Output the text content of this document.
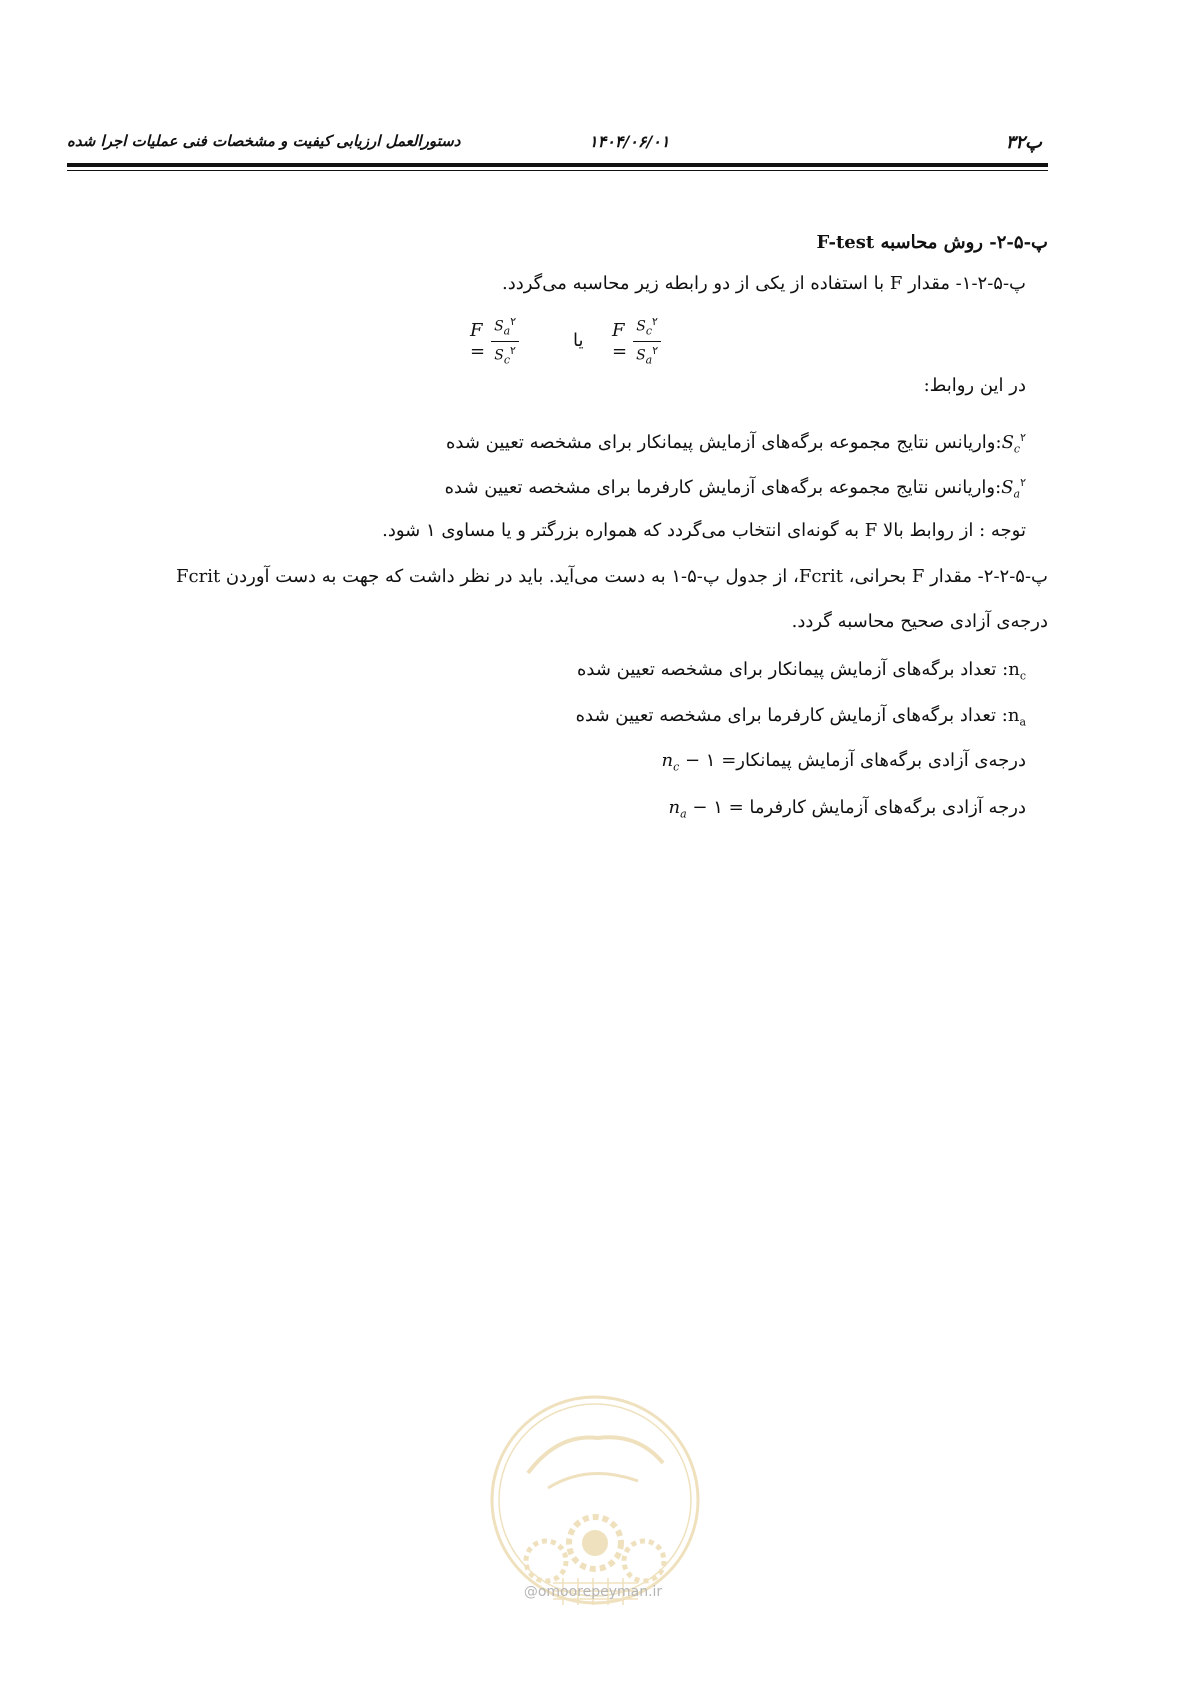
پ۳۲
۱۴۰۴/۰۶/۰۱
دستورالعمل ارزیابی کیفیت و مشخصات فنی عملیات اجرا شده
پ-۵-۲- روش محاسبه F-test
پ-۵-۲-۱- مقدار F با استفاده از یکی از دو رابطه زیر محاسبه می‌گردد.
$F = \frac{S_a^۲}{S_c^۲}$	یا $F = \frac{S_c^۲}{S_a^۲}$
در این روابط:
$S_c^۲:واریانس$ نتایج مجموعه برگه‌های آزمایش پیمانکار برای مشخصه تعیین شده
$S_a^۲:واریانس$ نتایج مجموعه برگه‌های آزمایش کارفرما برای مشخصه تعیین شده
توجه : از روابط بالا F به گونه‌ای انتخاب می‌گردد که همواره بزرگتر و یا مساوی ۱ شود.
پ-۵-۲-۲- مقدار F بحرانی، Fcrit، از جدول پ-۵-۱ به دست می‌آید. باید در نظر داشت که جهت به دست آوردن Fcrit
درجه‌ی آزادی صحیح محاسبه گردد.
$n_c$: تعداد برگه‌های آزمایش پیمانکار برای مشخصه تعیین شده
$n_a$: تعداد برگه‌های آزمایش کارفرما برای مشخصه تعیین شده
درجه‌ی آزادی برگه‌های آزمایش پیمانکار= ۱ − $n_c$
درجه آزادی برگه‌های آزمایش کارفرما = ۱ − $n_a$
@omoorepeyman.ir
